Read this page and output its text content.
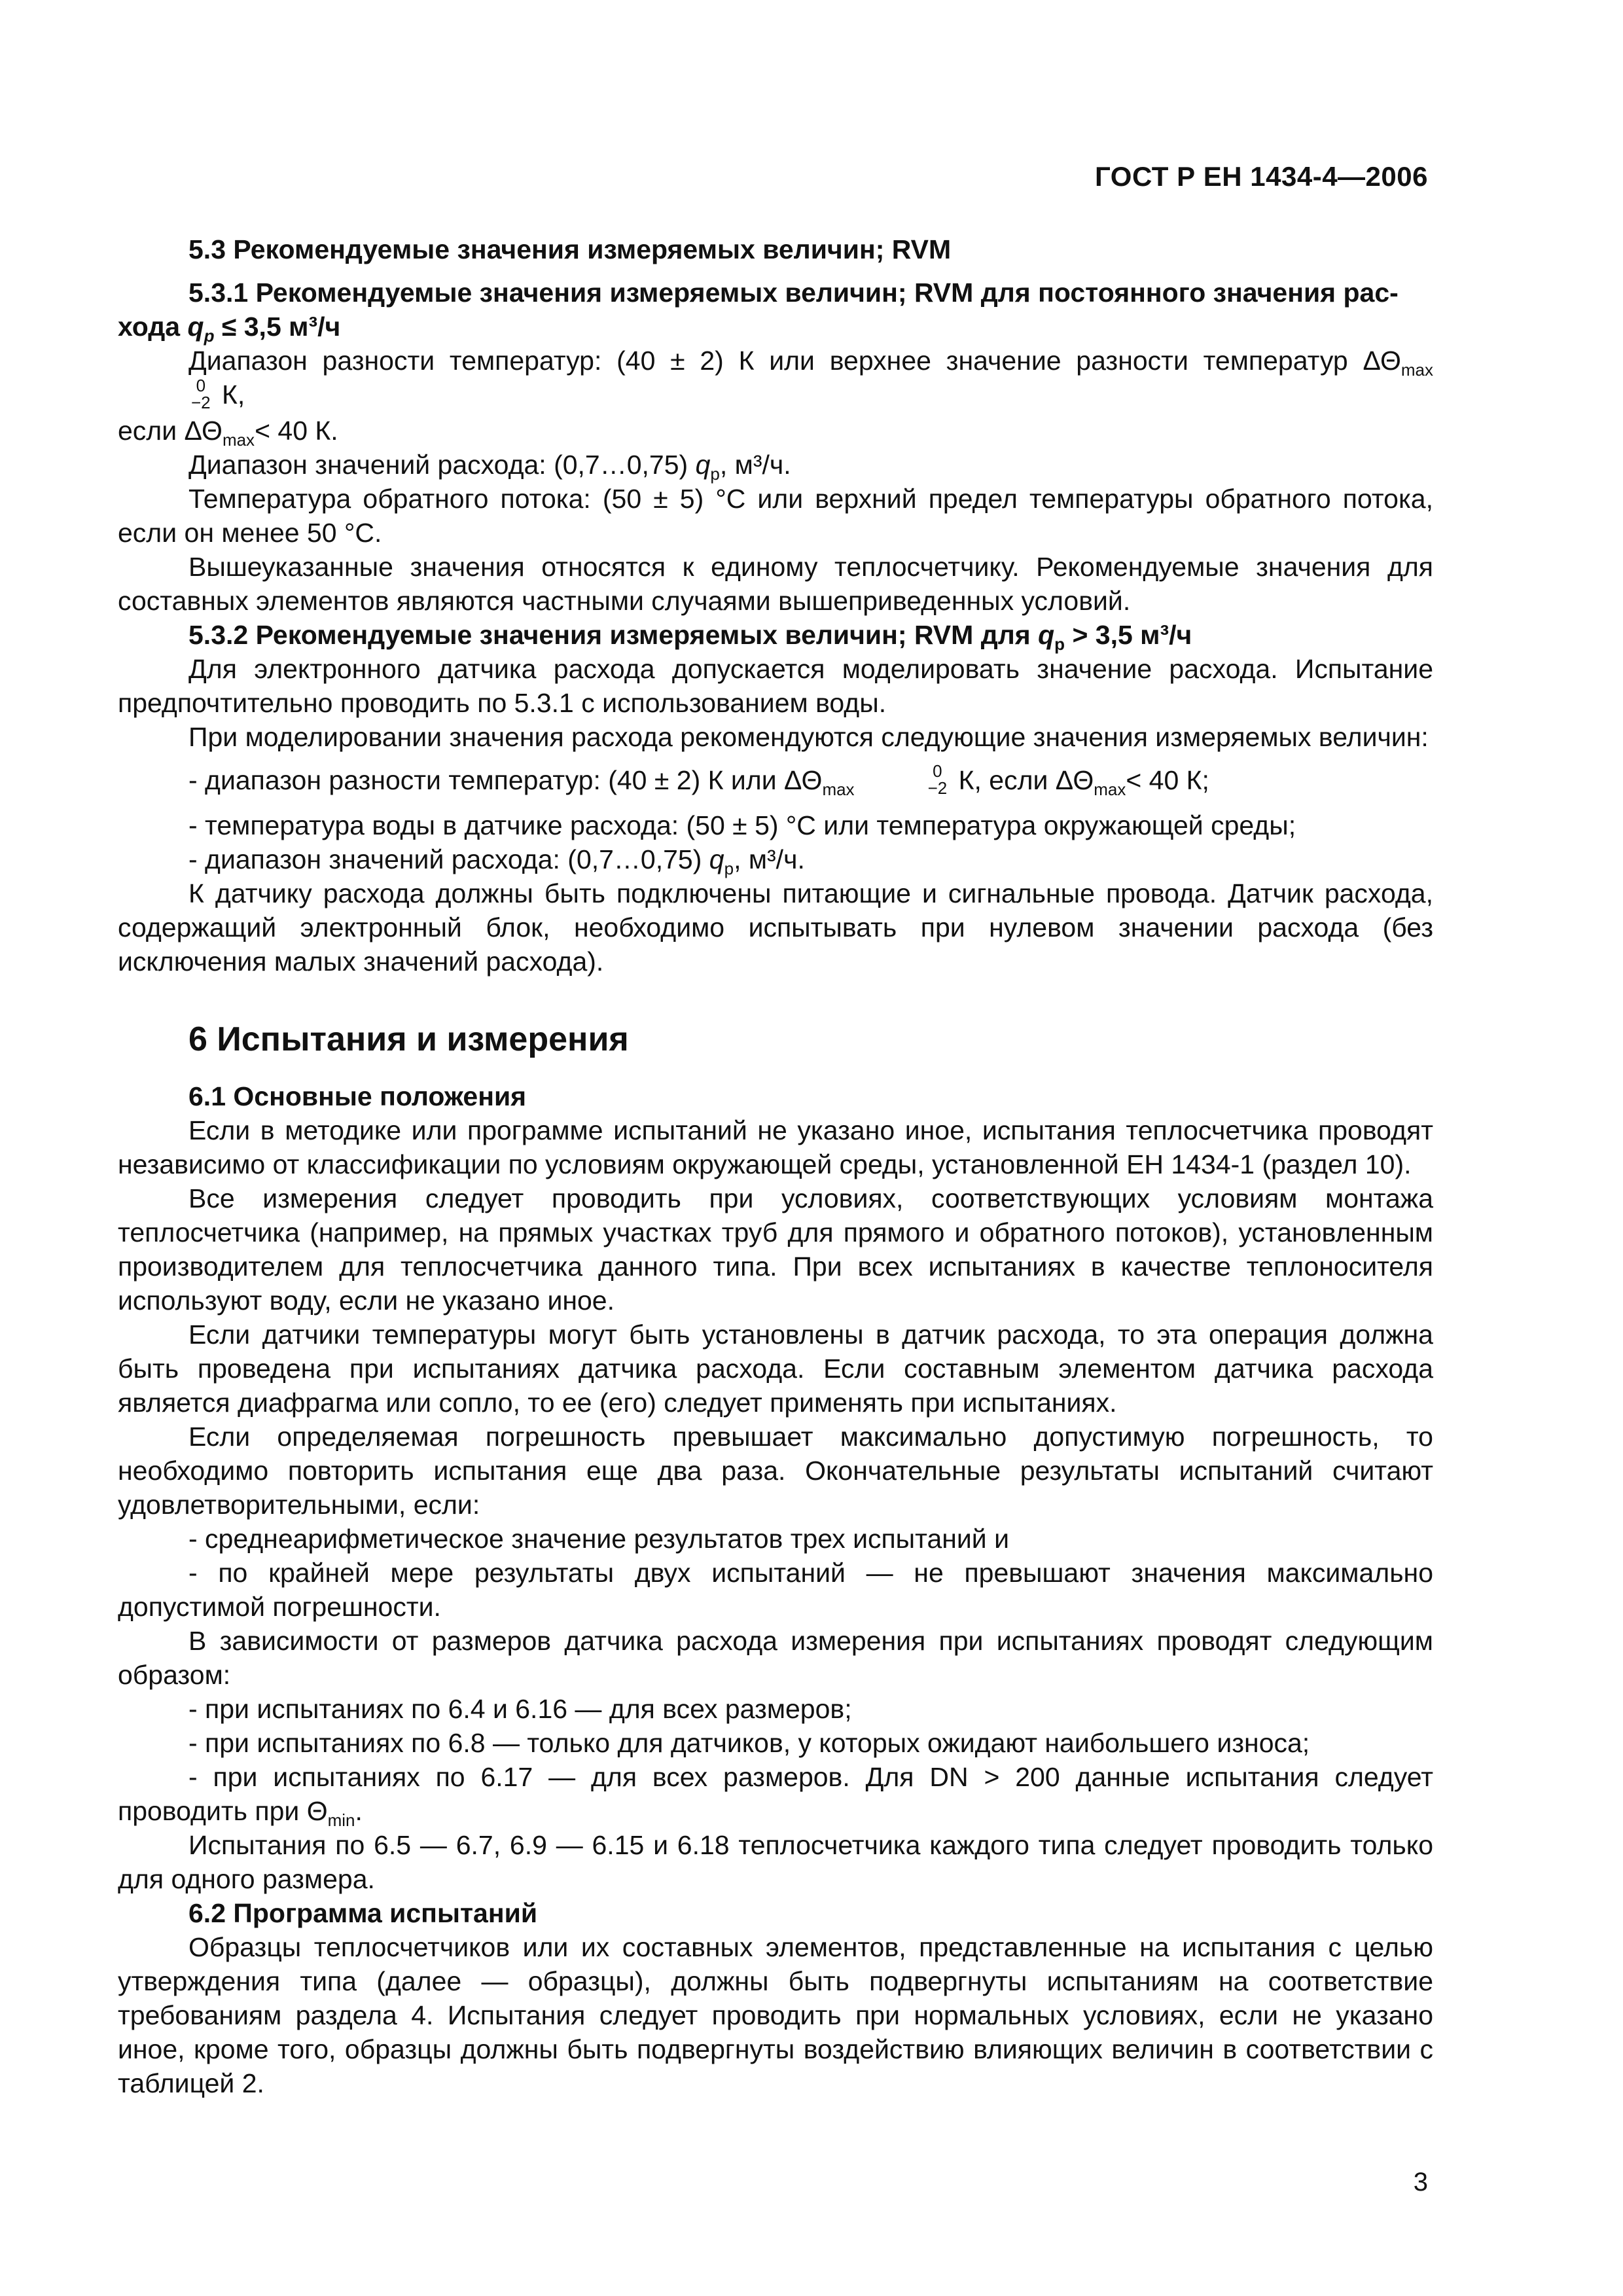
ГОСТ Р ЕН 1434-4—2006

5.3 Рекомендуемые значения измеряемых величин; RVM

5.3.1 Рекомендуемые значения измеряемых величин; RVM для постоянного значения рас-
хода $q_p \le 3,5$ м³/ч

Диапазон разности температур: (40 ± 2) К или верхнее значение разности температур $\Delta\Theta_{max}$
0
−2 К,

если $\Delta\Theta_{max}< 40$ К.

Диапазон значений расхода: (0,7…0,75) $q_p$, м³/ч.

Температура обратного потока: (50 ± 5) °С или верхний предел температуры обратного потока, если он менее 50 °С.

Вышеуказанные значения относятся к единому теплосчетчику. Рекомендуемые значения для составных элементов являются частными случаями вышеприведенных условий.

5.3.2 Рекомендуемые значения измеряемых величин; RVM для $q_p > 3,5$ м³/ч

Для электронного датчика расхода допускается моделировать значение расхода. Испытание предпочтительно проводить по 5.3.1 с использованием воды.

При моделировании значения расхода рекомендуются следующие значения измеряемых величин:

- диапазон разности температур: (40 ± 2) К или $\Delta\Theta_{max}$
0
−2 К, если $\Delta\Theta_{max}< 40$ К;

- температура воды в датчике расхода: (50 ± 5) °С или температура окружающей среды;

- диапазон значений расхода: (0,7…0,75) $q_p$, м³/ч.

К датчику расхода должны быть подключены питающие и сигнальные провода. Датчик расхода, содержащий электронный блок, необходимо испытывать при нулевом значении расхода (без исключения малых значений расхода).

6 Испытания и измерения

6.1 Основные положения

Если в методике или программе испытаний не указано иное, испытания теплосчетчика проводят независимо от классификации по условиям окружающей среды, установленной ЕН 1434-1 (раздел 10).

Все измерения следует проводить при условиях, соответствующих условиям монтажа теплосчетчика (например, на прямых участках труб для прямого и обратного потоков), установленным производителем для теплосчетчика данного типа. При всех испытаниях в качестве теплоносителя используют воду, если не указано иное.

Если датчики температуры могут быть установлены в датчик расхода, то эта операция должна быть проведена при испытаниях датчика расхода. Если составным элементом датчика расхода является диафрагма или сопло, то ее (его) следует применять при испытаниях.

Если определяемая погрешность превышает максимально допустимую погрешность, то необходимо повторить испытания еще два раза. Окончательные результаты испытаний считают удовлетворительными, если:

- среднеарифметическое значение результатов трех испытаний и

- по крайней мере результаты двух испытаний — не превышают значения максимально допустимой погрешности.

В зависимости от размеров датчика расхода измерения при испытаниях проводят следующим образом:

- при испытаниях по 6.4 и 6.16 — для всех размеров;

- при испытаниях по 6.8 — только для датчиков, у которых ожидают наибольшего износа;

- при испытаниях по 6.17 — для всех размеров. Для DN > 200 данные испытания следует проводить при $\Theta_{min}$.

Испытания по 6.5 — 6.7, 6.9 — 6.15 и 6.18 теплосчетчика каждого типа следует проводить только для одного размера.

6.2 Программа испытаний

Образцы теплосчетчиков или их составных элементов, представленные на испытания с целью утверждения типа (далее — образцы), должны быть подвергнуты испытаниям на соответствие требованиям раздела 4. Испытания следует проводить при нормальных условиях, если не указано иное, кроме того, образцы должны быть подвергнуты воздействию влияющих величин в соответствии с таблицей 2.

3
